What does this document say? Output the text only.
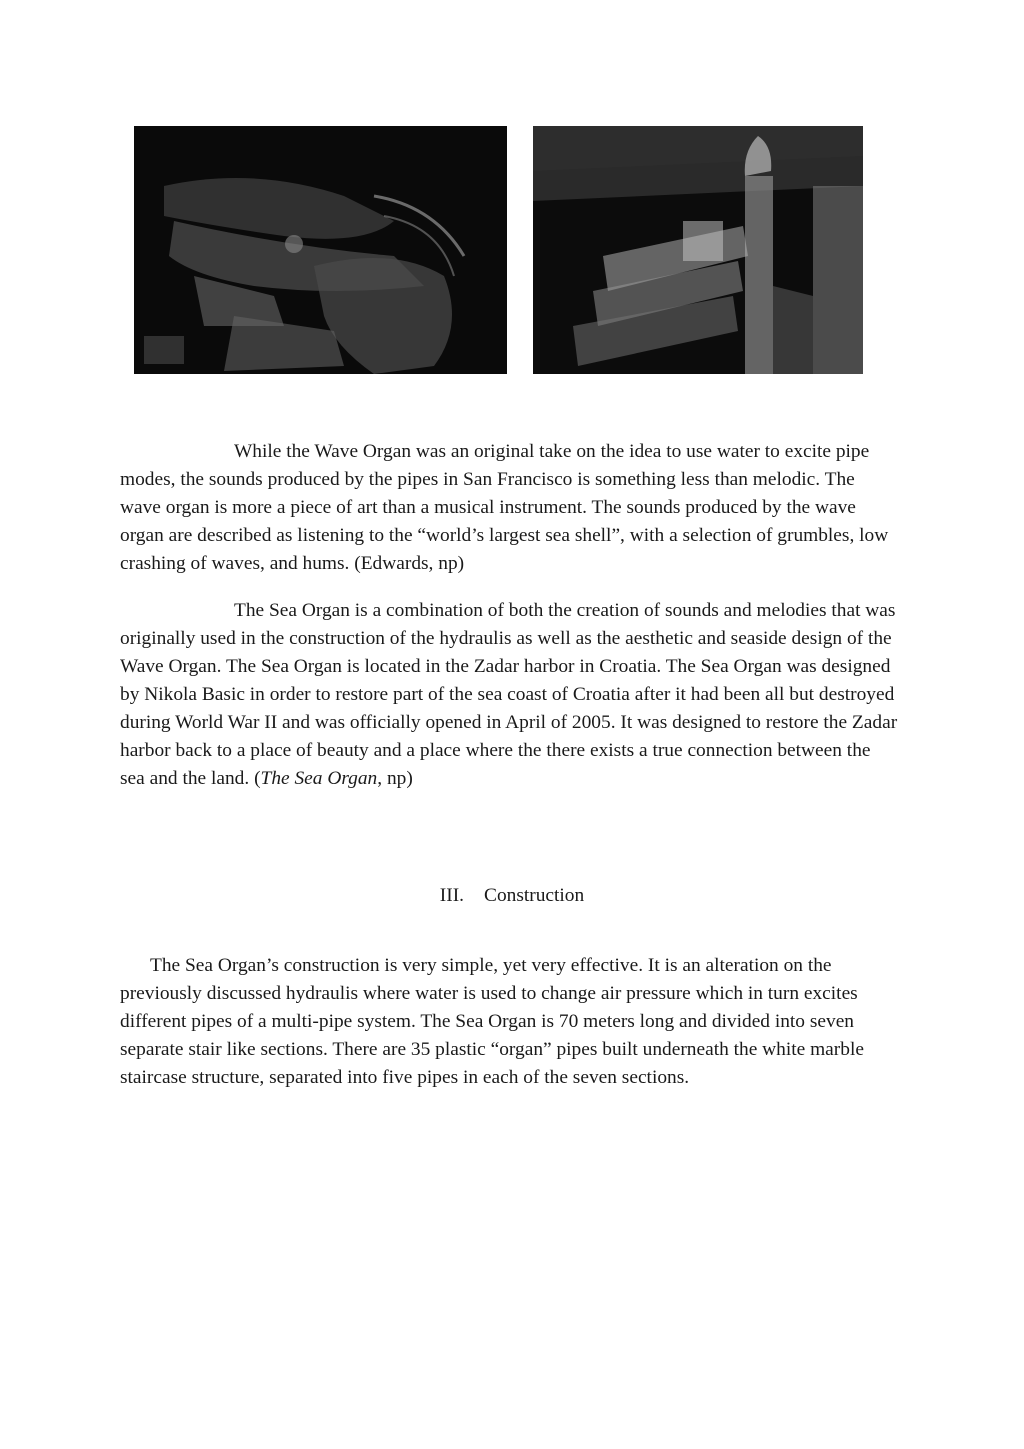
While the Wave Organ was an original take on the idea to use water to excite pipe modes, the sounds produced by the pipes in San Francisco is something less than melodic. The wave organ is more a piece of art than a musical instrument. The sounds produced by the wave organ are described as listening to the “world’s largest sea shell”, with a selection of grumbles, low crashing of waves, and hums. (Edwards, np)

The Sea Organ is a combination of both the creation of sounds and melodies that was originally used in the construction of the hydraulis as well as the aesthetic and seaside design of the Wave Organ. The Sea Organ is located in the Zadar harbor in Croatia. The Sea Organ was designed by Nikola Basic in order to restore part of the sea coast of Croatia after it had been all but destroyed during World War II and was officially opened in April of 2005. It was designed to restore the Zadar harbor back to a place of beauty and a place where the there exists a true connection between the sea and the land. (The Sea Organ, np)

III. Construction

The Sea Organ’s construction is very simple, yet very effective. It is an alteration on the previously discussed hydraulis where water is used to change air pressure which in turn excites different pipes of a multi-pipe system. The Sea Organ is 70 meters long and divided into seven separate stair like sections. There are 35 plastic “organ” pipes built underneath the white marble staircase structure, separated into five pipes in each of the seven sections.
